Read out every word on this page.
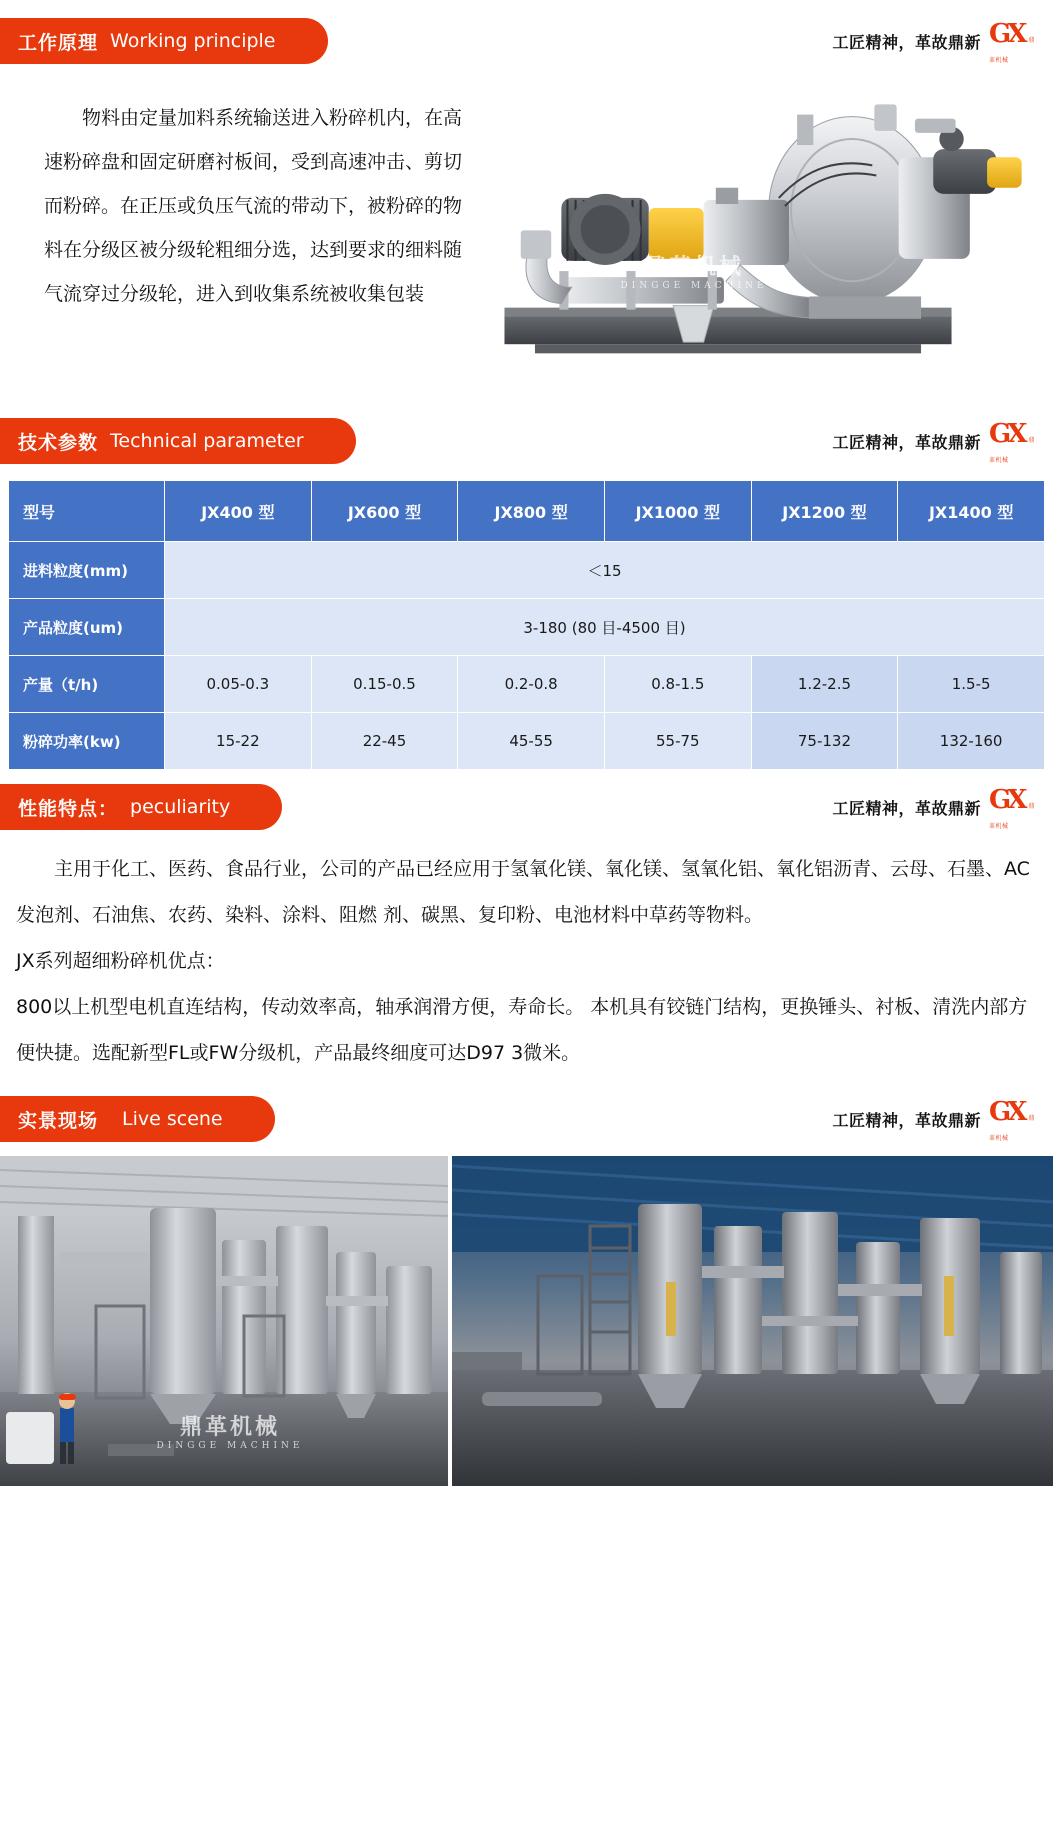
工作原理 Working principle	工匠精神，革故鼎新 GX 鼎革机械
物料由定量加料系统输送进入粉碎机内，在高速粉碎盘和固定研磨衬板间，受到高速冲击、剪切而粉碎。在正压或负压气流的带动下，被粉碎的物料在分级区被分级轮粗细分选，达到要求的细料随气流穿过分级轮，进入到收集系统被收集包装
鼎革机械
DINGGE MACHINE
技术参数 Technical parameter	工匠精神，革故鼎新 GX 鼎革机械
型号	JX400 型	JX600 型	JX800 型	JX1000 型	JX1200 型	JX1400 型
进料粒度(mm)	＜15					
产品粒度(um)	3-180 (80 目-4500 目)					
产量（t/h)	0.05-0.3	0.15-0.5	0.2-0.8	0.8-1.5	1.2-2.5	1.5-5
粉碎功率(kw)	15-22	22-45	45-55	55-75	75-132	132-160
性能特点： peculiarity	工匠精神，革故鼎新 GX 鼎革机械

主用于化工、医药、食品行业，公司的产品已经应用于氢氧化镁、氧化镁、氢氧化铝、氧化铝沥青、云母、石墨、AC发泡剂、石油焦、农药、染料、涂料、阻燃 剂、碳黑、复印粉、电池材料中草药等物料。

JX系列超细粉碎机优点：

800以上机型电机直连结构，传动效率高，轴承润滑方便，寿命长。 本机具有铰链门结构，更换锤头、衬板、清洗内部方便快捷。选配新型FL或FW分级机，产品最终细度可达D97 3微米。

实景现场 Live scene	工匠精神，革故鼎新 GX 鼎革机械
鼎革机械
DINGGE MACHINE
